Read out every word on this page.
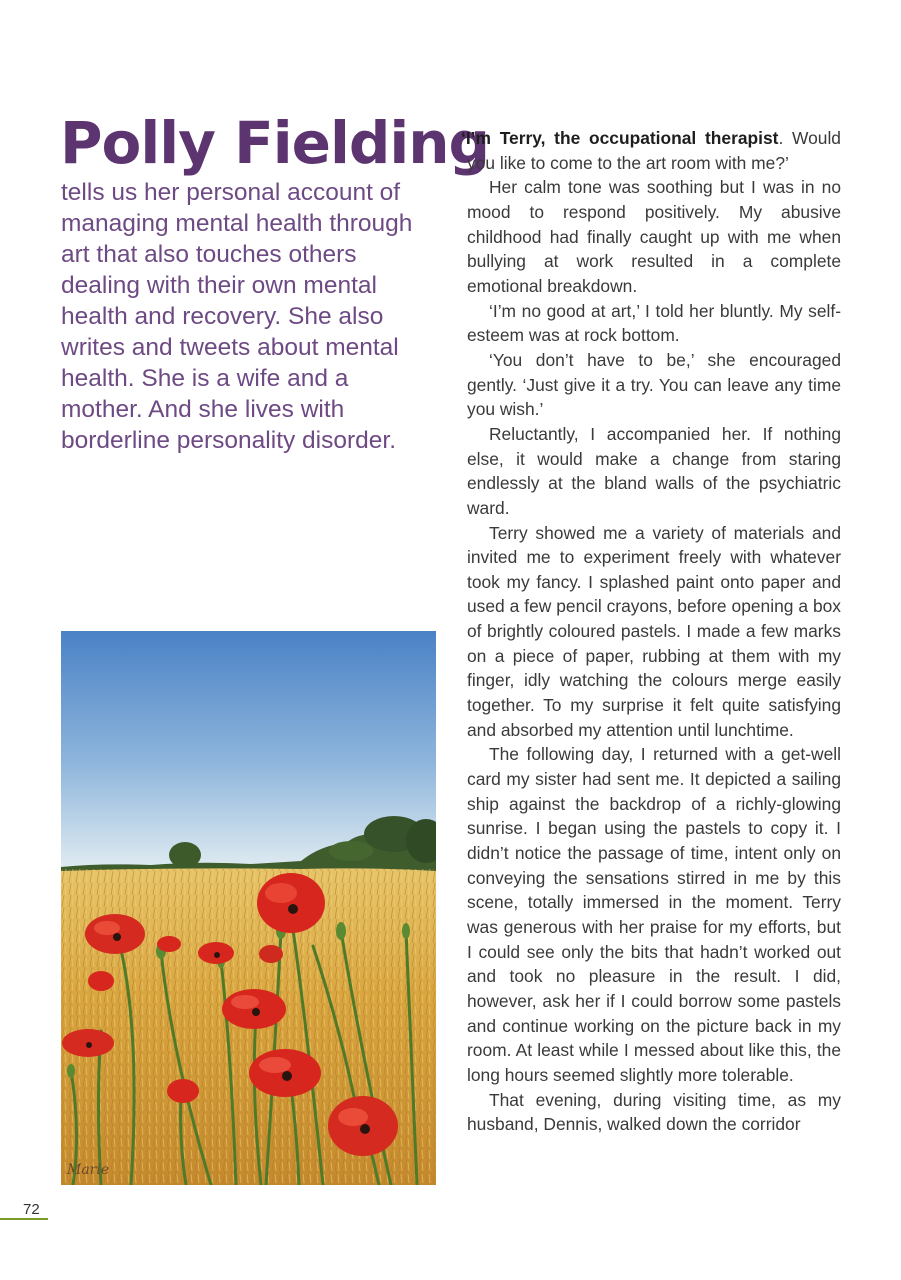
Polly Fielding

tells us her personal account of managing mental health through art that also touches others dealing with their own mental health and recovery. She also writes and tweets about mental health. She is a wife and a mother. And she lives with borderline personality disorder.

Marie

‘I’m Terry, the occupational therapist. Would you like to come to the art room with me?’

Her calm tone was soothing but I was in no mood to respond positively. My abusive childhood had finally caught up with me when bullying at work resulted in a complete emotional breakdown.

‘I’m no good at art,’ I told her bluntly. My self-esteem was at rock bottom.

‘You don’t have to be,’ she encouraged gently. ‘Just give it a try. You can leave any time you wish.’

Reluctantly, I accompanied her. If nothing else, it would make a change from staring endlessly at the bland walls of the psychiatric ward.

Terry showed me a variety of materials and invited me to experiment freely with whatever took my fancy. I splashed paint onto paper and used a few pencil crayons, before opening a box of brightly coloured pastels. I made a few marks on a piece of paper, rubbing at them with my finger, idly watching the colours merge easily together. To my surprise it felt quite satisfying and absorbed my attention until lunchtime.

The following day, I returned with a get-well card my sister had sent me. It depicted a sailing ship against the backdrop of a richly-glowing sunrise. I began using the pastels to copy it. I didn’t notice the passage of time, intent only on conveying the sensations stirred in me by this scene, totally immersed in the moment. Terry was generous with her praise for my efforts, but I could see only the bits that hadn’t worked out and took no pleasure in the result. I did, however, ask her if I could borrow some pastels and continue working on the picture back in my room. At least while I messed about like this, the long hours seemed slightly more tolerable.

That evening, during visiting time, as my husband, Dennis, walked down the corridor

72
